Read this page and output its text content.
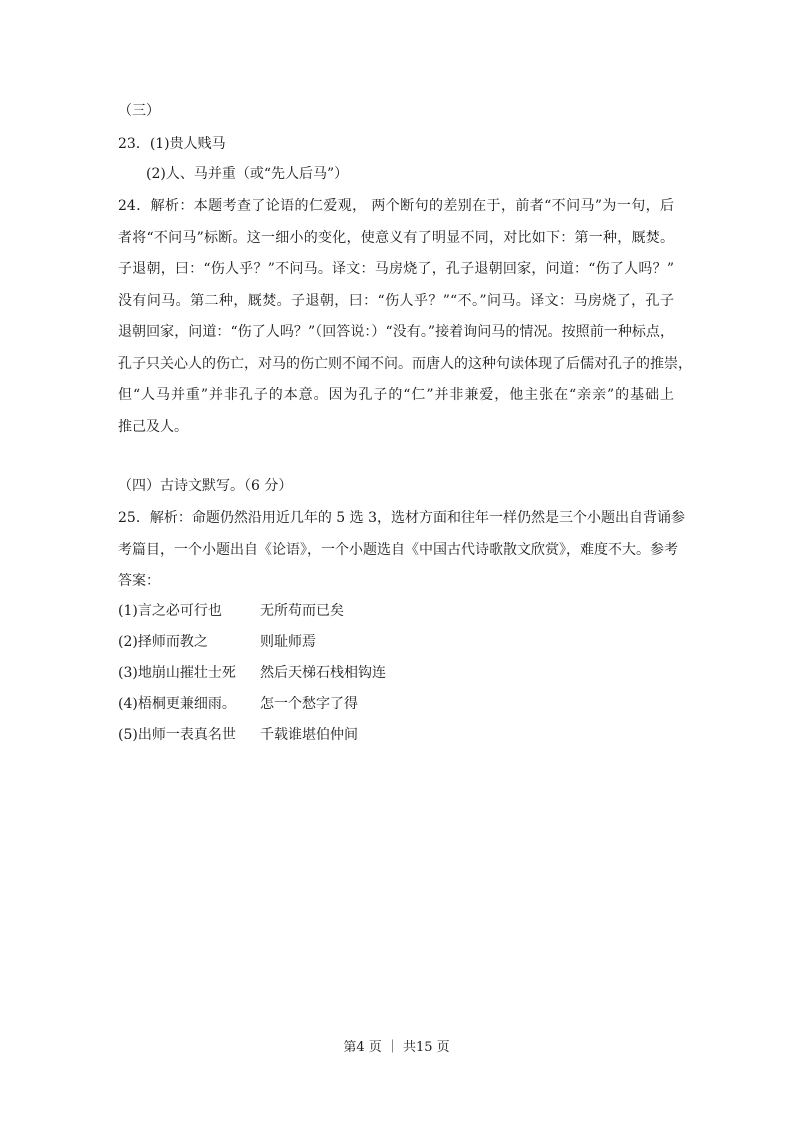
（三）
23．(1)贵人贱马
(2)人、马并重（或“先人后马”）
24．解析：本题考查了论语的仁爱观， 两个断句的差别在于，前者“不问马”为一句，后
者将“不问马”标断。这一细小的变化，使意义有了明显不同，对比如下：第一种，厩焚。
子退朝，曰：“伤人乎？”不问马。译文：马房烧了，孔子退朝回家，问道：“伤了人吗？”
没有问马。第二种，厩焚。子退朝，曰：“伤人乎？”“不。”问马。译文：马房烧了，孔子
退朝回家，问道：“伤了人吗？”（回答说：）“没有。”接着询问马的情况。按照前一种标点，
孔子只关心人的伤亡，对马的伤亡则不闻不问。而唐人的这种句读体现了后儒对孔子的推崇，
但“人马并重”并非孔子的本意。因为孔子的“仁”并非兼爱，他主张在“亲亲”的基础上
推己及人。
（四）古诗文默写。（6 分）
25．解析：命题仍然沿用近几年的 5 选 3，选材方面和往年一样仍然是三个小题出自背诵参
考篇目，一个小题出自《论语》，一个小题选自《中国古代诗歌散文欣赏》，难度不大。参考
答案：
(1)言之必可行也	无所苟而已矣
(2)择师而教之	则耻师焉
(3)地崩山摧壮士死 然后天梯石栈相钩连
(4)梧桐更兼细雨。 怎一个愁字了得
(5)出师一表真名世 千载谁堪伯仲间
第4 页 ｜ 共15 页
